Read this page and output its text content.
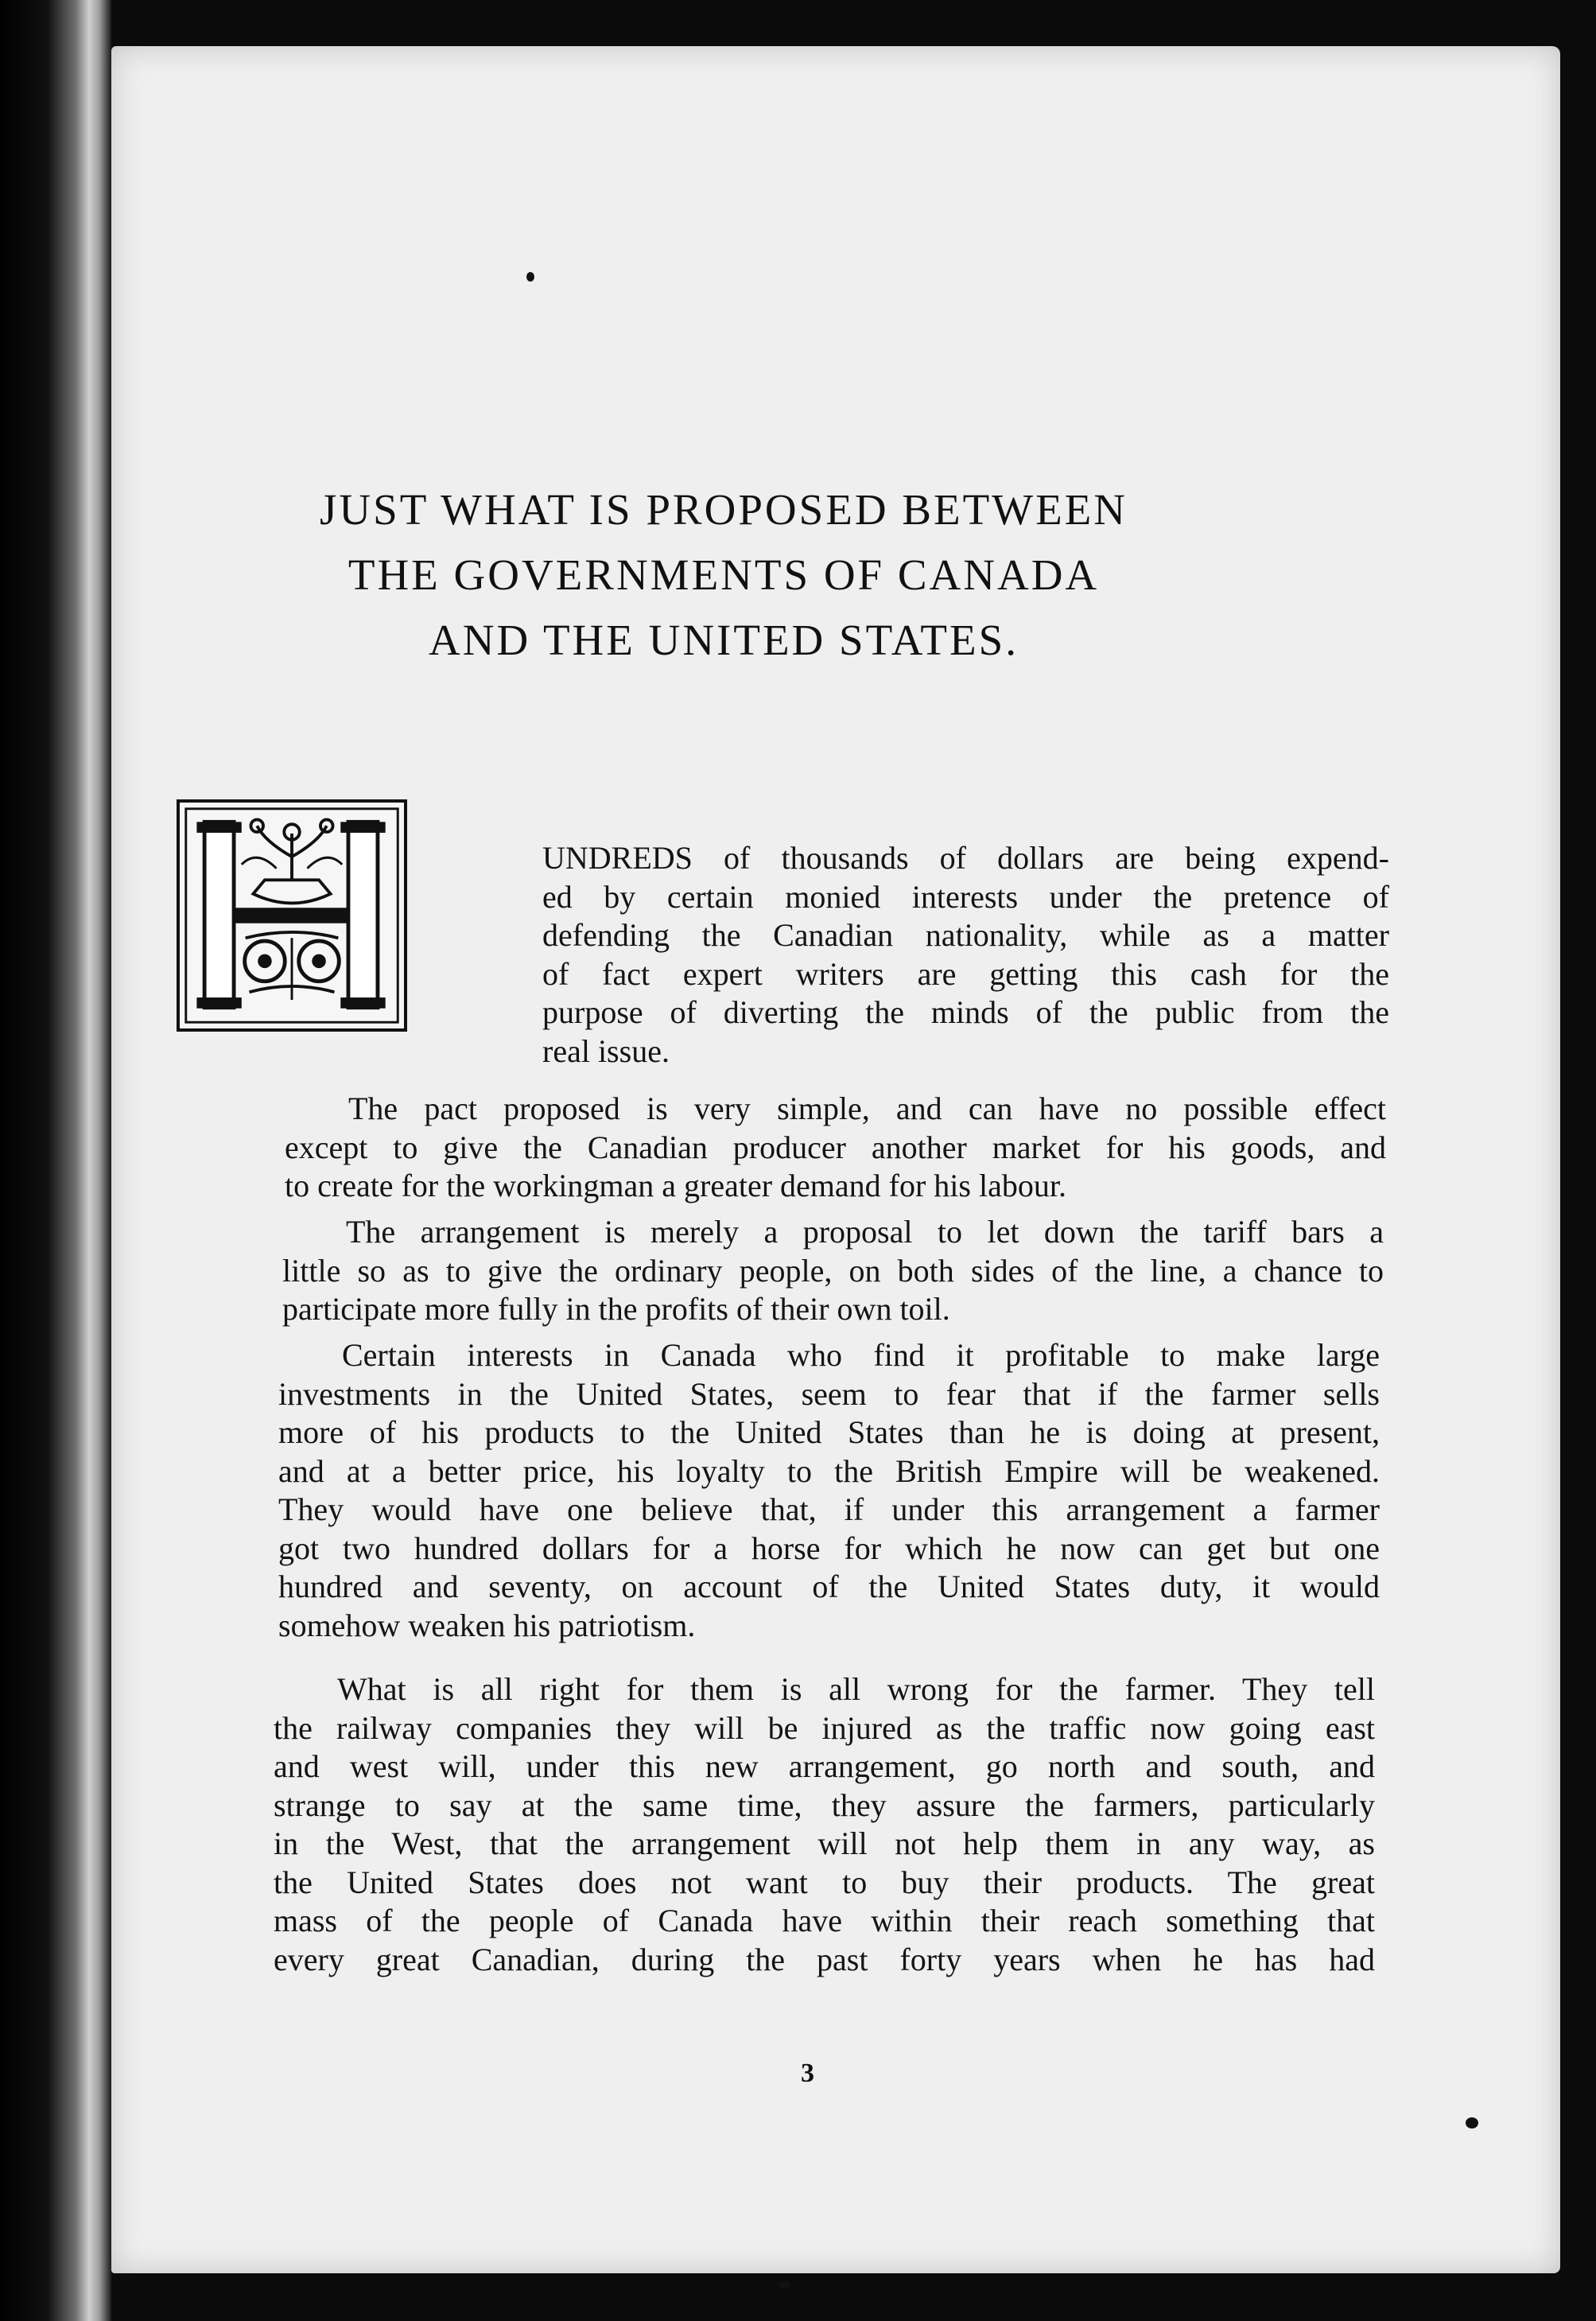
JUST WHAT IS PROPOSED BETWEEN
THE GOVERNMENTS OF CANADA
AND THE UNITED STATES.
UNDREDS of thousands of dollars are being expend-
ed by certain monied interests under the pretence of
defending the Canadian nationality, while as a matter
of fact expert writers are getting this cash for the
purpose of diverting the minds of the public from the
real issue.
The pact proposed is very simple, and can have no possible effect
except to give the Canadian producer another market for his goods, and
to create for the workingman a greater demand for his labour.
The arrangement is merely a proposal to let down the tariff bars a
little so as to give the ordinary people, on both sides of the line, a chance to
participate more fully in the profits of their own toil.
Certain interests in Canada who find it profitable to make large
investments in the United States, seem to fear that if the farmer sells
more of his products to the United States than he is doing at present,
and at a better price, his loyalty to the British Empire will be weakened.
They would have one believe that, if under this arrangement a farmer
got two hundred dollars for a horse for which he now can get but one
hundred and seventy, on account of the United States duty, it would
somehow weaken his patriotism.
What is all right for them is all wrong for the farmer. They tell
the railway companies they will be injured as the traffic now going east
and west will, under this new arrangement, go north and south, and
strange to say at the same time, they assure the farmers, particularly
in the West, that the arrangement will not help them in any way, as
the United States does not want to buy their products. The great
mass of the people of Canada have within their reach something that
every great Canadian, during the past forty years when he has had
3
